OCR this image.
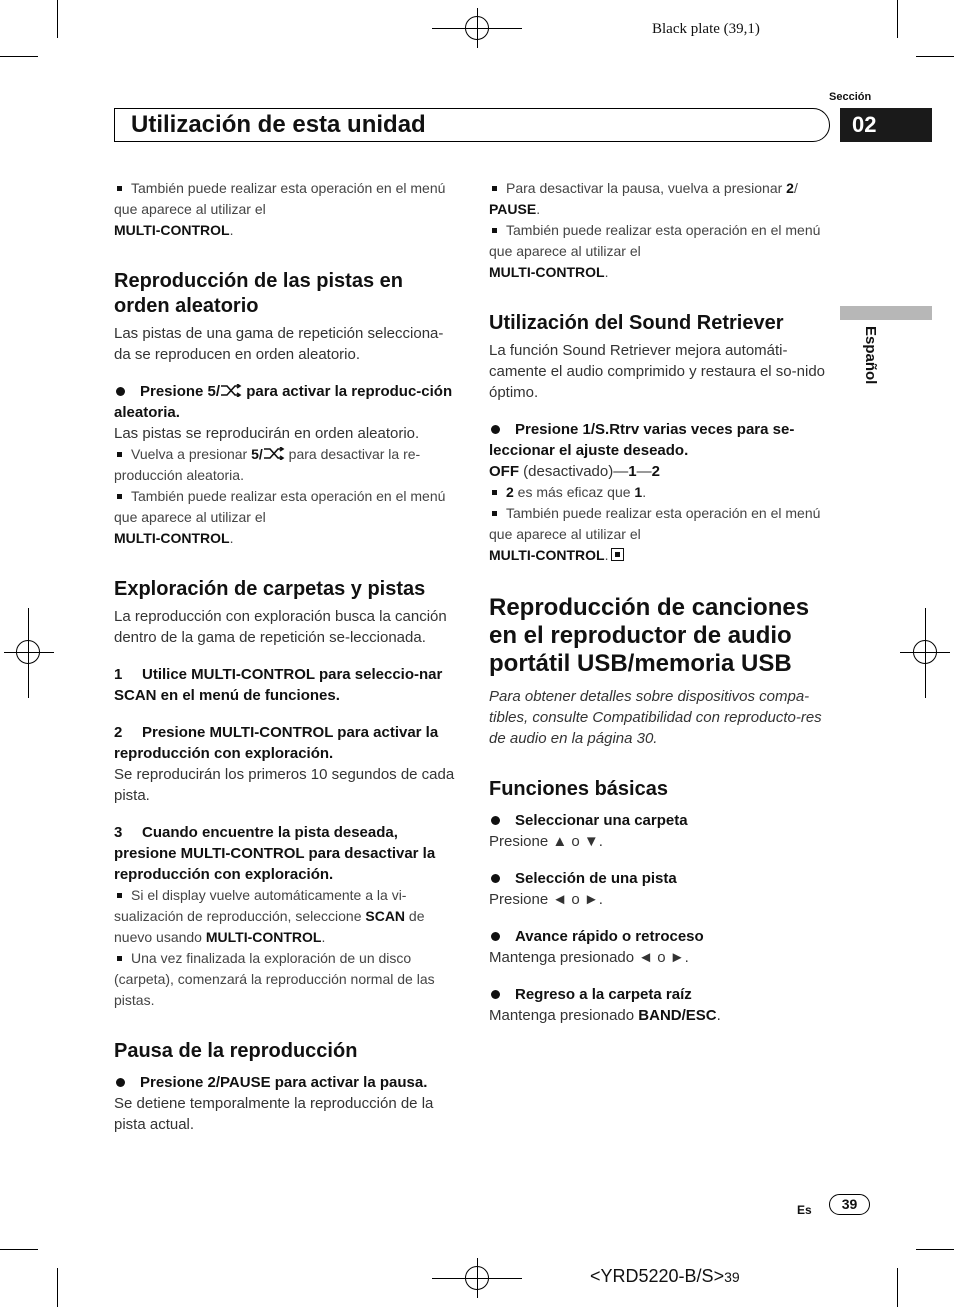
Black plate (39,1)
Sección
Utilización de esta unidad	02
Español

También puede realizar esta operación en el menú que aparece al utilizar el
MULTI-CONTROL.

Reproducción de las pistas en orden aleatorio

Las pistas de una gama de repetición selecciona-da se reproducen en orden aleatorio.

Presione 5/ para activar la reproduc-ción aleatoria.

Las pistas se reproducirán en orden aleatorio.

Vuelva a presionar 5/ para desactivar la re-producción aleatoria.

También puede realizar esta operación en el menú que aparece al utilizar el
MULTI-CONTROL.

Exploración de carpetas y pistas

La reproducción con exploración busca la canción dentro de la gama de repetición se-leccionada.

1 Utilice MULTI-CONTROL para seleccio-nar SCAN en el menú de funciones.

2 Presione MULTI-CONTROL para activar la reproducción con exploración.

Se reproducirán los primeros 10 segundos de cada pista.

3 Cuando encuentre la pista deseada, presione MULTI-CONTROL para desactivar la reproducción con exploración.

Si el display vuelve automáticamente a la vi-sualización de reproducción, seleccione SCAN de nuevo usando MULTI-CONTROL.

Una vez finalizada la exploración de un disco (carpeta), comenzará la reproducción normal de las pistas.

Pausa de la reproducción

Presione 2/PAUSE para activar la pausa.

Se detiene temporalmente la reproducción de la pista actual.

Para desactivar la pausa, vuelva a presionar 2/
PAUSE.

También puede realizar esta operación en el menú que aparece al utilizar el
MULTI-CONTROL.

Utilización del Sound Retriever

La función Sound Retriever mejora automáti-camente el audio comprimido y restaura el so-nido óptimo.

Presione 1/S.Rtrv varias veces para se-leccionar el ajuste deseado.

OFF (desactivado)—1—2

2 es más eficaz que 1.

También puede realizar esta operación en el menú que aparece al utilizar el
MULTI-CONTROL.

Reproducción de canciones en el reproductor de audio portátil USB/memoria USB

Para obtener detalles sobre dispositivos compa-tibles, consulte Compatibilidad con reproducto-res de audio en la página 30.

Funciones básicas

Seleccionar una carpeta

Presione ▲ o ▼.

Selección de una pista

Presione ◄ o ►.

Avance rápido o retroceso

Mantenga presionado ◄ o ►.

Regreso a la carpeta raíz

Mantenga presionado BAND/ESC.

Es	39
<YRD5220-B/S>39
